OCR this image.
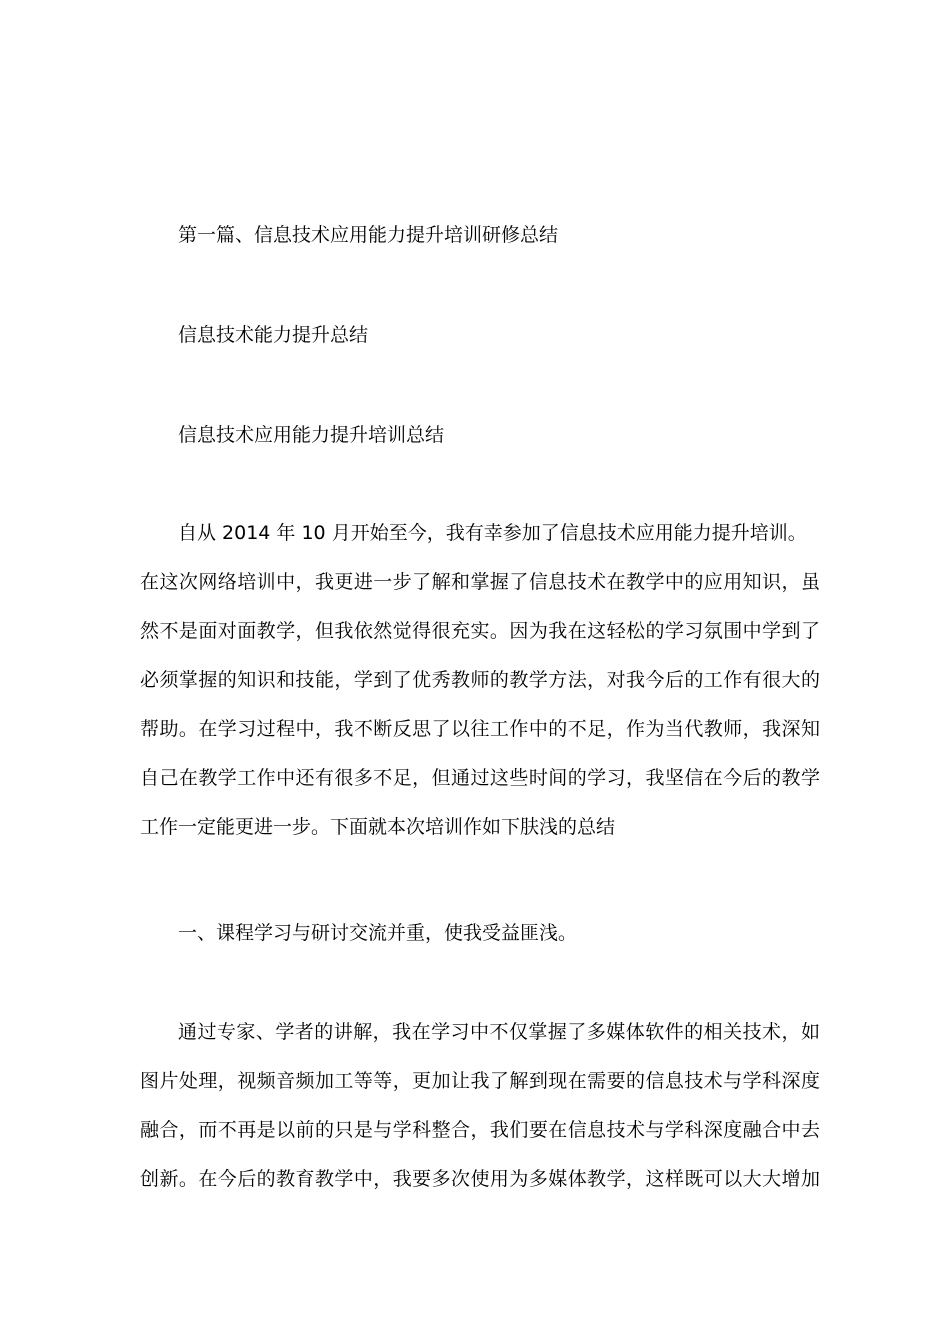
第一篇、信息技术应用能力提升培训研修总结
信息技术能力提升总结
信息技术应用能力提升培训总结
自从 2014 年 10 月开始至今，我有幸参加了信息技术应用能力提升培训。
在这次网络培训中，我更进一步了解和掌握了信息技术在教学中的应用知识，虽
然不是面对面教学，但我依然觉得很充实。因为我在这轻松的学习氛围中学到了
必须掌握的知识和技能，学到了优秀教师的教学方法，对我今后的工作有很大的
帮助。在学习过程中，我不断反思了以往工作中的不足，作为当代教师，我深知
自己在教学工作中还有很多不足，但通过这些时间的学习，我坚信在今后的教学
工作一定能更进一步。下面就本次培训作如下肤浅的总结
一、课程学习与研讨交流并重，使我受益匪浅。
通过专家、学者的讲解，我在学习中不仅掌握了多媒体软件的相关技术，如
图片处理，视频音频加工等等，更加让我了解到现在需要的信息技术与学科深度
融合，而不再是以前的只是与学科整合，我们要在信息技术与学科深度融合中去
创新。在今后的教育教学中，我要多次使用为多媒体教学，这样既可以大大增加
